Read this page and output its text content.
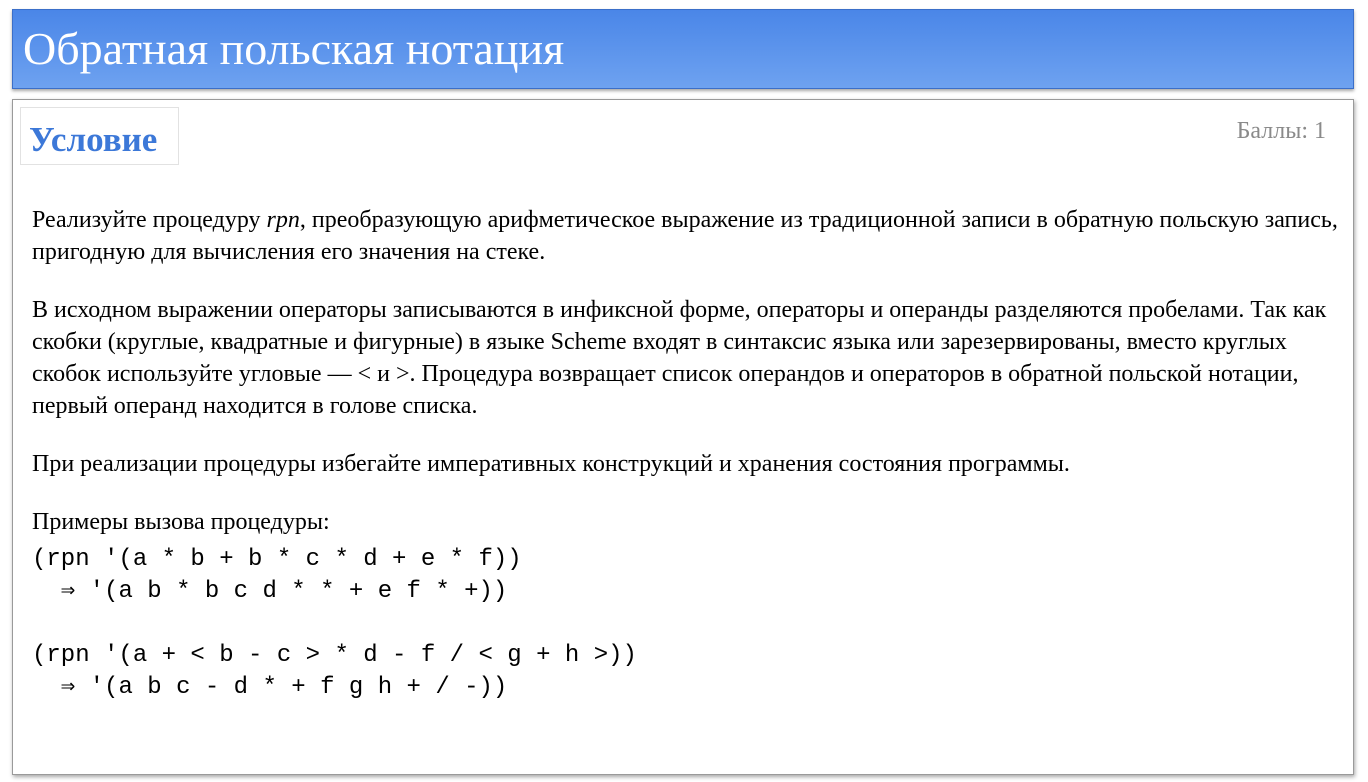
Обратная польская нотация
Условие	Баллы: 1

Реализуйте процедуру rpn, преобразующую арифметическое выражение из традиционной записи в обратную польскую запись, пригодную для вычисления его значения на стеке.

В исходном выражении операторы записываются в инфиксной форме, операторы и операнды разделяются пробелами. Так как скобки (круглые, квадратные и фигурные) в языке Scheme входят в синтаксис языка или зарезервированы, вместо круглых скобок используйте угловые — < и >. Процедура возвращает список операндов и операторов в обратной польской нотации, первый операнд находится в голове списка.

При реализации процедуры избегайте императивных конструкций и хранения состояния программы.

Примеры вызова процедуры:

(rpn '(a * b + b * c * d + e * f))
⇒ '(a b * b c d * * + e f * +))
(rpn '(a + < b - c > * d - f / < g + h >))
⇒ '(a b c - d * + f g h + / -))
